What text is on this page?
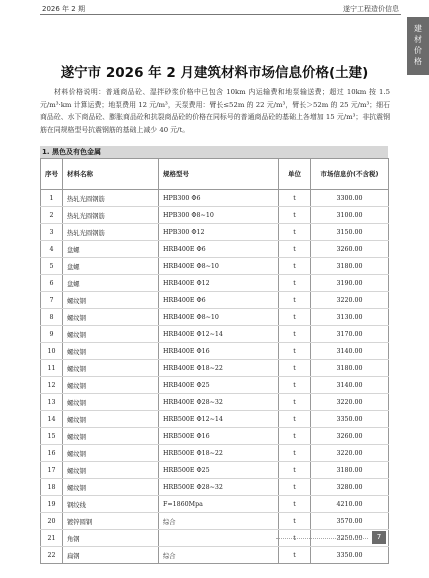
2026 年 2 期	遂宁工程造价信息
建材价格
遂宁市 2026 年 2 月建筑材料市场信息价格(土建)
材料价格说明：普通商品砼、湿拌砂浆价格中已包含 10km 内运输费和地泵输送费；超过 10km 按 1.5 元/m³·km 计算运费；地泵费用 12 元/m³，天泵费用：臂长≤52m 的 22 元/m³，臂长＞52m 的 25 元/m³；细石商品砼、水下商品砼、膨胀商品砼和抗裂商品砼的价格在同标号的普通商品砼的基础上各增加 15 元/m³；非抗震钢筋在同规格型号抗震钢筋的基础上减少 40 元/t。
1. 黑色及有色金属
序号	材料名称	规格型号	单位	市场信息价(不含税)
1	热轧光圆钢筋	HPB300 Φ6	t	3300.00
2	热轧光圆钢筋	HPB300 Φ8~10	t	3100.00
3	热轧光圆钢筋	HPB300 Φ12	t	3150.00
4	盘螺	HRB400E Φ6	t	3260.00
5	盘螺	HRB400E Φ8~10	t	3180.00
6	盘螺	HRB400E Φ12	t	3190.00
7	螺纹钢	HRB400E Φ6	t	3220.00
8	螺纹钢	HRB400E Φ8~10	t	3130.00
9	螺纹钢	HRB400E Φ12~14	t	3170.00
10	螺纹钢	HRB400E Φ16	t	3140.00
11	螺纹钢	HRB400E Φ18~22	t	3180.00
12	螺纹钢	HRB400E Φ25	t	3140.00
13	螺纹钢	HRB400E Φ28~32	t	3220.00
14	螺纹钢	HRB500E Φ12~14	t	3350.00
15	螺纹钢	HRB500E Φ16	t	3260.00
16	螺纹钢	HRB500E Φ18~22	t	3220.00
17	螺纹钢	HRB500E Φ25	t	3180.00
18	螺纹钢	HRB500E Φ28~32	t	3280.00
19	钢绞线	F=1860Mpa	t	4210.00
20	镀锌圆钢	综合	t	3570.00
21	角钢		t	3250.00
22	扁钢	综合	t	3350.00
7
